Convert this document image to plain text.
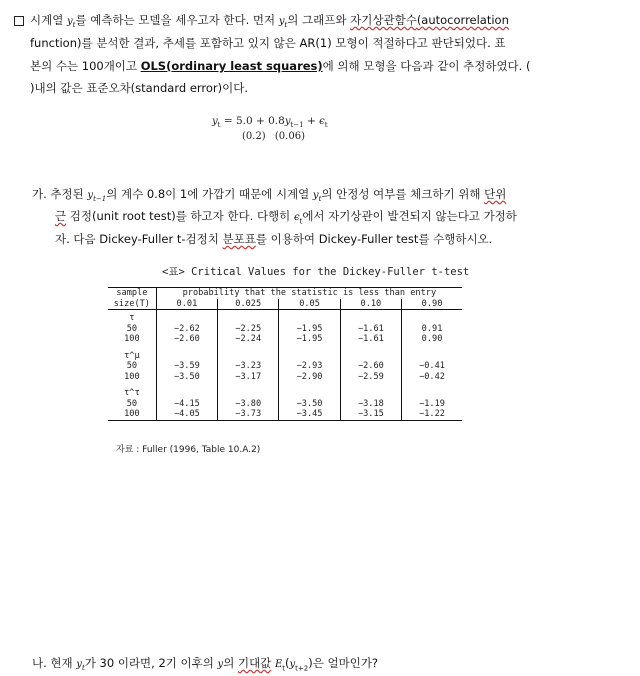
시계열 $y_t$를 예측하는 모델을 세우고자 한다. 먼저 $y_t$의 그래프와 자기상관함수(autocorrelation
function)를 분석한 결과, 추세를 포함하고 있지 않은 AR(1) 모형이 적절하다고 판단되었다. 표
본의 수는 100개이고 OLS(ordinary least squares)에 의해 모형을 다음과 같이 추정하였다. (
)내의 값은 표준오차(standard error)이다.
$y_t = 5.0 + 0.8y_{t-1} + \epsilon_t$
(0.2) (0.06)
가. 추정된 $y_{t-1}$의 계수 0.8이 1에 가깝기 때문에 시계열 $y_t$의 안정성 여부를 체크하기 위해 단위
근 검정(unit root test)를 하고자 한다. 다행히 $\epsilon_t$에서 자기상관이 발견되지 않는다고 가정하
자. 다음 Dickey-Fuller t-검정치 분포표를 이용하여 Dickey-Fuller test를 수행하시오.
<표> Critical Values for the Dickey-Fuller t-test
sample	probability that the statistic is less than entry				
size(T)	0.01	0.025	0.05	0.10	0.90
τ					
50	−2.62	−2.25	−1.95	−1.61	0.91
100	−2.60	−2.24	−1.95	−1.61	0.90
τ^μ					
50	−3.59	−3.23	−2.93	−2.60	−0.41
100	−3.50	−3.17	−2.90	−2.59	−0.42
τ^τ					
50	−4.15	−3.80	−3.50	−3.18	−1.19
100	−4.05	−3.73	−3.45	−3.15	−1.22
자료 : Fuller (1996, Table 10.A.2)
나. 현재 $y_t$가 30 이라면, 2기 이후의 y의 기대값 $E_t(y_{t+2})$은 얼마인가?
